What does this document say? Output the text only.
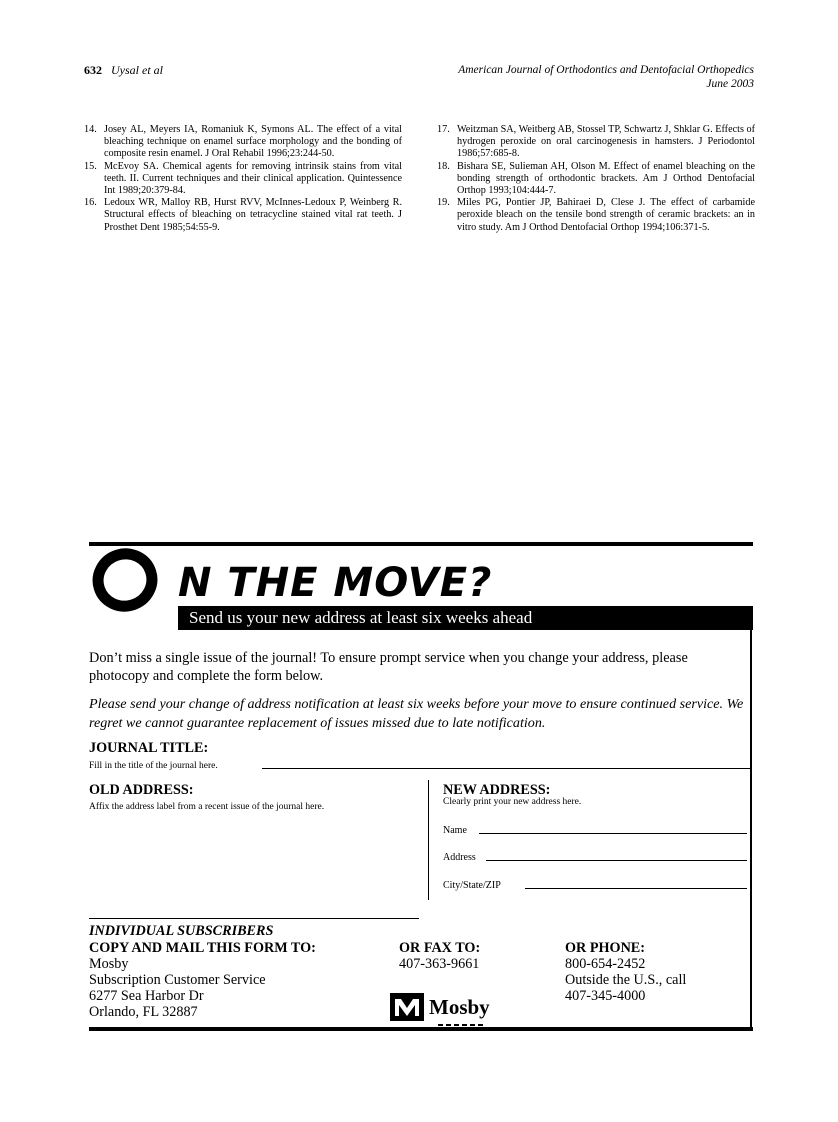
632 Uysal et al	American Journal of Orthodontics and Dentofacial Orthopedics
June 2003

14. Josey AL, Meyers IA, Romaniuk K, Symons AL. The effect of a vital bleaching technique on enamel surface morphology and the bonding of composite resin enamel. J Oral Rehabil 1996;23:244-50.

15. McEvoy SA. Chemical agents for removing intrinsik stains from vital teeth. II. Current techniques and their clinical application. Quintessence Int 1989;20:379-84.

16. Ledoux WR, Malloy RB, Hurst RVV, McInnes-Ledoux P, Weinberg R. Structural effects of bleaching on tetracycline stained vital rat teeth. J Prosthet Dent 1985;54:55-9.

17. Weitzman SA, Weitberg AB, Stossel TP, Schwartz J, Shklar G. Effects of hydrogen peroxide on oral carcinogenesis in hamsters. J Periodontol 1986;57:685-8.

18. Bishara SE, Sulieman AH, Olson M. Effect of enamel bleaching on the bonding strength of orthodontic brackets. Am J Orthod Dentofacial Orthop 1993;104:444-7.

19. Miles PG, Pontier JP, Bahiraei D, Clese J. The effect of carbamide peroxide bleach on the tensile bond strength of ceramic brackets: an in vitro study. Am J Orthod Dentofacial Orthop 1994;106:371-5.

N THE MOVE?
Send us your new address at least six weeks ahead
Don’t miss a single issue of the journal! To ensure prompt service when you change your address, please photocopy and complete the form below.
Please send your change of address notification at least six weeks before your move to ensure continued service. We regret we cannot guarantee replacement of issues missed due to late notification.
JOURNAL TITLE:
Fill in the title of the journal here.
OLD ADDRESS:
Affix the address label from a recent issue of the journal here.
NEW ADDRESS:
Clearly print your new address here.
Name
Address
City/State/ZIP
INDIVIDUAL SUBSCRIBERS
COPY AND MAIL THIS FORM TO:
Mosby
Subscription Customer Service
6277 Sea Harbor Dr
Orlando, FL 32887
OR FAX TO:
407-363-9661
OR PHONE:
800-654-2452
Outside the U.S., call
407-345-4000
Mosby
